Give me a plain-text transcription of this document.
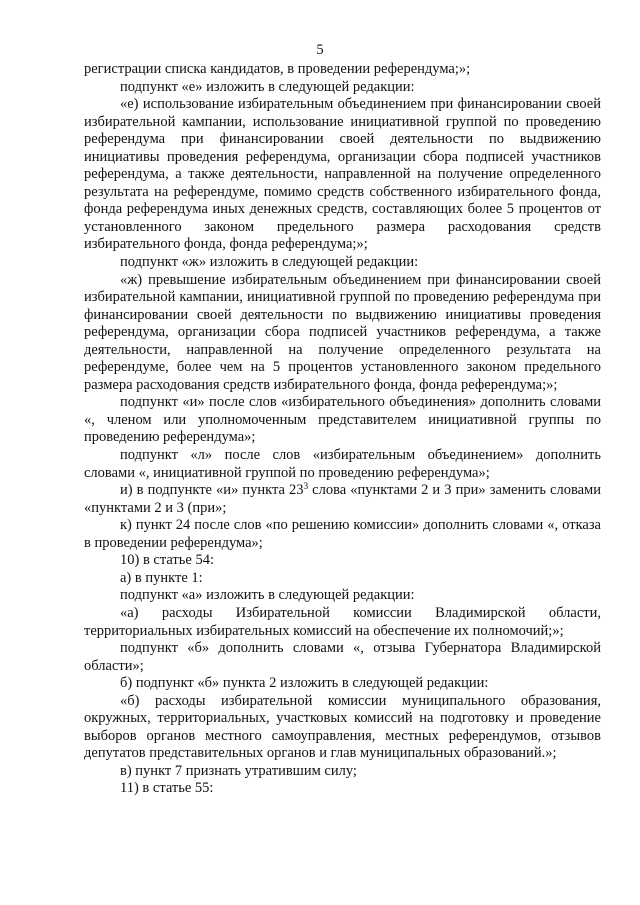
5

регистрации списка кандидатов, в проведении референдума;»;

подпункт «е» изложить в следующей редакции:

«е) использование избирательным объединением при финансировании своей избирательной кампании, использование инициативной группой по проведению референдума при финансировании своей деятельности по выдвижению инициативы проведения референдума, организации сбора подписей участников референдума, а также деятельности, направленной на получение определенного результата на референдуме, помимо средств собственного избирательного фонда, фонда референдума иных денежных средств, составляющих более 5 процентов от установленного законом предельного размера расходования средств избирательного фонда, фонда референдума;»;

подпункт «ж» изложить в следующей редакции:

«ж) превышение избирательным объединением при финансировании своей избирательной кампании, инициативной группой по проведению референдума при финансировании своей деятельности по выдвижению инициативы проведения референдума, организации сбора подписей участников референдума, а также деятельности, направленной на получение определенного результата на референдуме, более чем на 5 процентов установленного законом предельного размера расходования средств избирательного фонда, фонда референдума;»;

подпункт «и» после слов «избирательного объединения» дополнить словами «, членом или уполномоченным представителем инициативной группы по проведению референдума»;

подпункт «л» после слов «избирательным объединением» дополнить словами «, инициативной группой по проведению референдума»;

и) в подпункте «и» пункта $23^3$ слова «пунктами 2 и 3 при» заменить словами «пунктами 2 и 3 (при»;

к) пункт 24 после слов «по решению комиссии» дополнить словами «, отказа в проведении референдума»;

10) в статье 54:

а) в пункте 1:

подпункт «а» изложить в следующей редакции:

«а) расходы Избирательной комиссии Владимирской области, территориальных избирательных комиссий на обеспечение их полномочий;»;

подпункт «б» дополнить словами «, отзыва Губернатора Владимирской области»;

б) подпункт «б» пункта 2 изложить в следующей редакции:

«б) расходы избирательной комиссии муниципального образования, окружных, территориальных, участковых комиссий на подготовку и проведение выборов органов местного самоуправления, местных референдумов, отзывов депутатов представительных органов и глав муниципальных образований.»;

в) пункт 7 признать утратившим силу;

11) в статье 55:
